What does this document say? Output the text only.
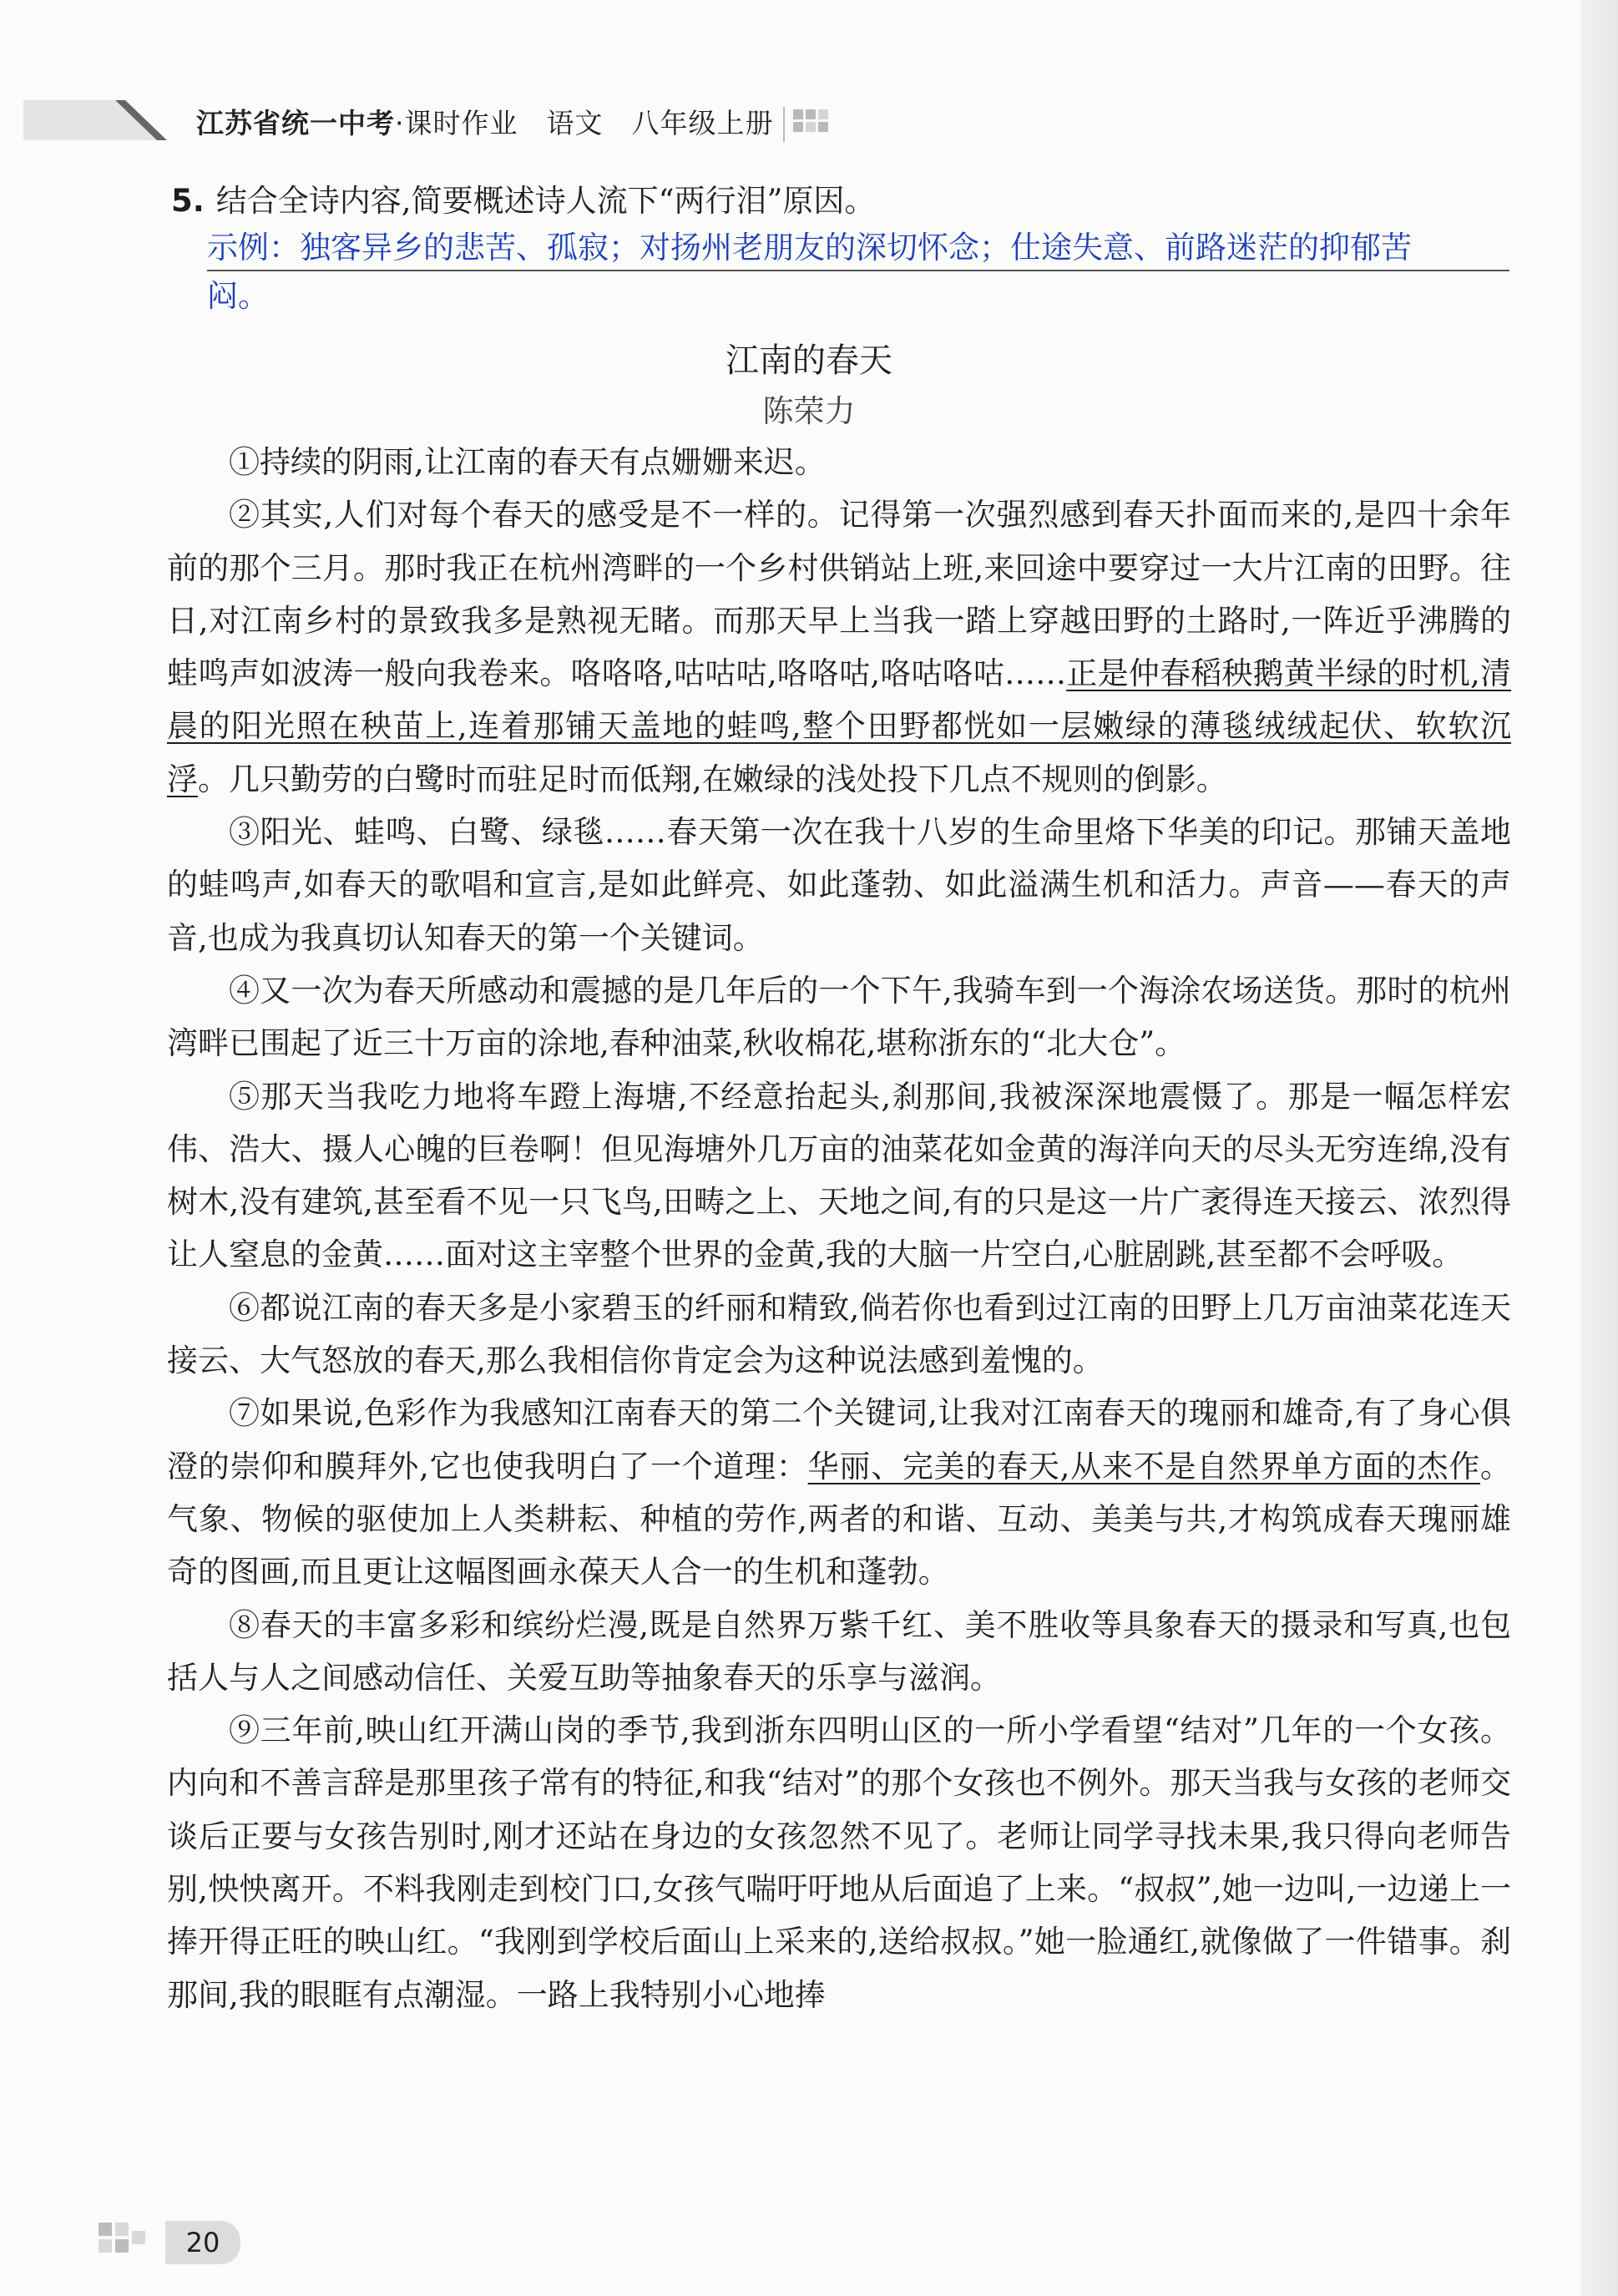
江苏省统一中考·课时作业　语文　八年级上册
5. 结合全诗内容,简要概述诗人流下“两行泪”原因。
示例：独客异乡的悲苦、孤寂；对扬州老朋友的深切怀念；仕途失意、前路迷茫的抑郁苦
闷。
江南的春天
陈荣力

①持续的阴雨,让江南的春天有点姗姗来迟。

②其实,人们对每个春天的感受是不一样的。记得第一次强烈感到春天扑面而来的,是四十余年前的那个三月。那时我正在杭州湾畔的一个乡村供销站上班,来回途中要穿过一大片江南的田野。往日,对江南乡村的景致我多是熟视无睹。而那天早上当我一踏上穿越田野的土路时,一阵近乎沸腾的蛙鸣声如波涛一般向我卷来。咯咯咯,咕咕咕,咯咯咕,咯咕咯咕……正是仲春稻秧鹅黄半绿的时机,清晨的阳光照在秧苗上,连着那铺天盖地的蛙鸣,整个田野都恍如一层嫩绿的薄毯绒绒起伏、软软沉浮。几只勤劳的白鹭时而驻足时而低翔,在嫩绿的浅处投下几点不规则的倒影。

③阳光、蛙鸣、白鹭、绿毯……春天第一次在我十八岁的生命里烙下华美的印记。那铺天盖地的蛙鸣声,如春天的歌唱和宣言,是如此鲜亮、如此蓬勃、如此溢满生机和活力。声音——春天的声音,也成为我真切认知春天的第一个关键词。

④又一次为春天所感动和震撼的是几年后的一个下午,我骑车到一个海涂农场送货。那时的杭州湾畔已围起了近三十万亩的涂地,春种油菜,秋收棉花,堪称浙东的“北大仓”。

⑤那天当我吃力地将车蹬上海塘,不经意抬起头,刹那间,我被深深地震慑了。那是一幅怎样宏伟、浩大、摄人心魄的巨卷啊！但见海塘外几万亩的油菜花如金黄的海洋向天的尽头无穷连绵,没有树木,没有建筑,甚至看不见一只飞鸟,田畴之上、天地之间,有的只是这一片广袤得连天接云、浓烈得让人窒息的金黄……面对这主宰整个世界的金黄,我的大脑一片空白,心脏剧跳,甚至都不会呼吸。

⑥都说江南的春天多是小家碧玉的纤丽和精致,倘若你也看到过江南的田野上几万亩油菜花连天接云、大气怒放的春天,那么我相信你肯定会为这种说法感到羞愧的。

⑦如果说,色彩作为我感知江南春天的第二个关键词,让我对江南春天的瑰丽和雄奇,有了身心俱澄的崇仰和膜拜外,它也使我明白了一个道理：华丽、完美的春天,从来不是自然界单方面的杰作。气象、物候的驱使加上人类耕耘、种植的劳作,两者的和谐、互动、美美与共,才构筑成春天瑰丽雄奇的图画,而且更让这幅图画永葆天人合一的生机和蓬勃。

⑧春天的丰富多彩和缤纷烂漫,既是自然界万紫千红、美不胜收等具象春天的摄录和写真,也包括人与人之间感动信任、关爱互助等抽象春天的乐享与滋润。

⑨三年前,映山红开满山岗的季节,我到浙东四明山区的一所小学看望“结对”几年的一个女孩。内向和不善言辞是那里孩子常有的特征,和我“结对”的那个女孩也不例外。那天当我与女孩的老师交谈后正要与女孩告别时,刚才还站在身边的女孩忽然不见了。老师让同学寻找未果,我只得向老师告别,怏怏离开。不料我刚走到校门口,女孩气喘吁吁地从后面追了上来。“叔叔”,她一边叫,一边递上一捧开得正旺的映山红。“我刚到学校后面山上采来的,送给叔叔。”她一脸通红,就像做了一件错事。刹那间,我的眼眶有点潮湿。一路上我特别小心地捧

20
